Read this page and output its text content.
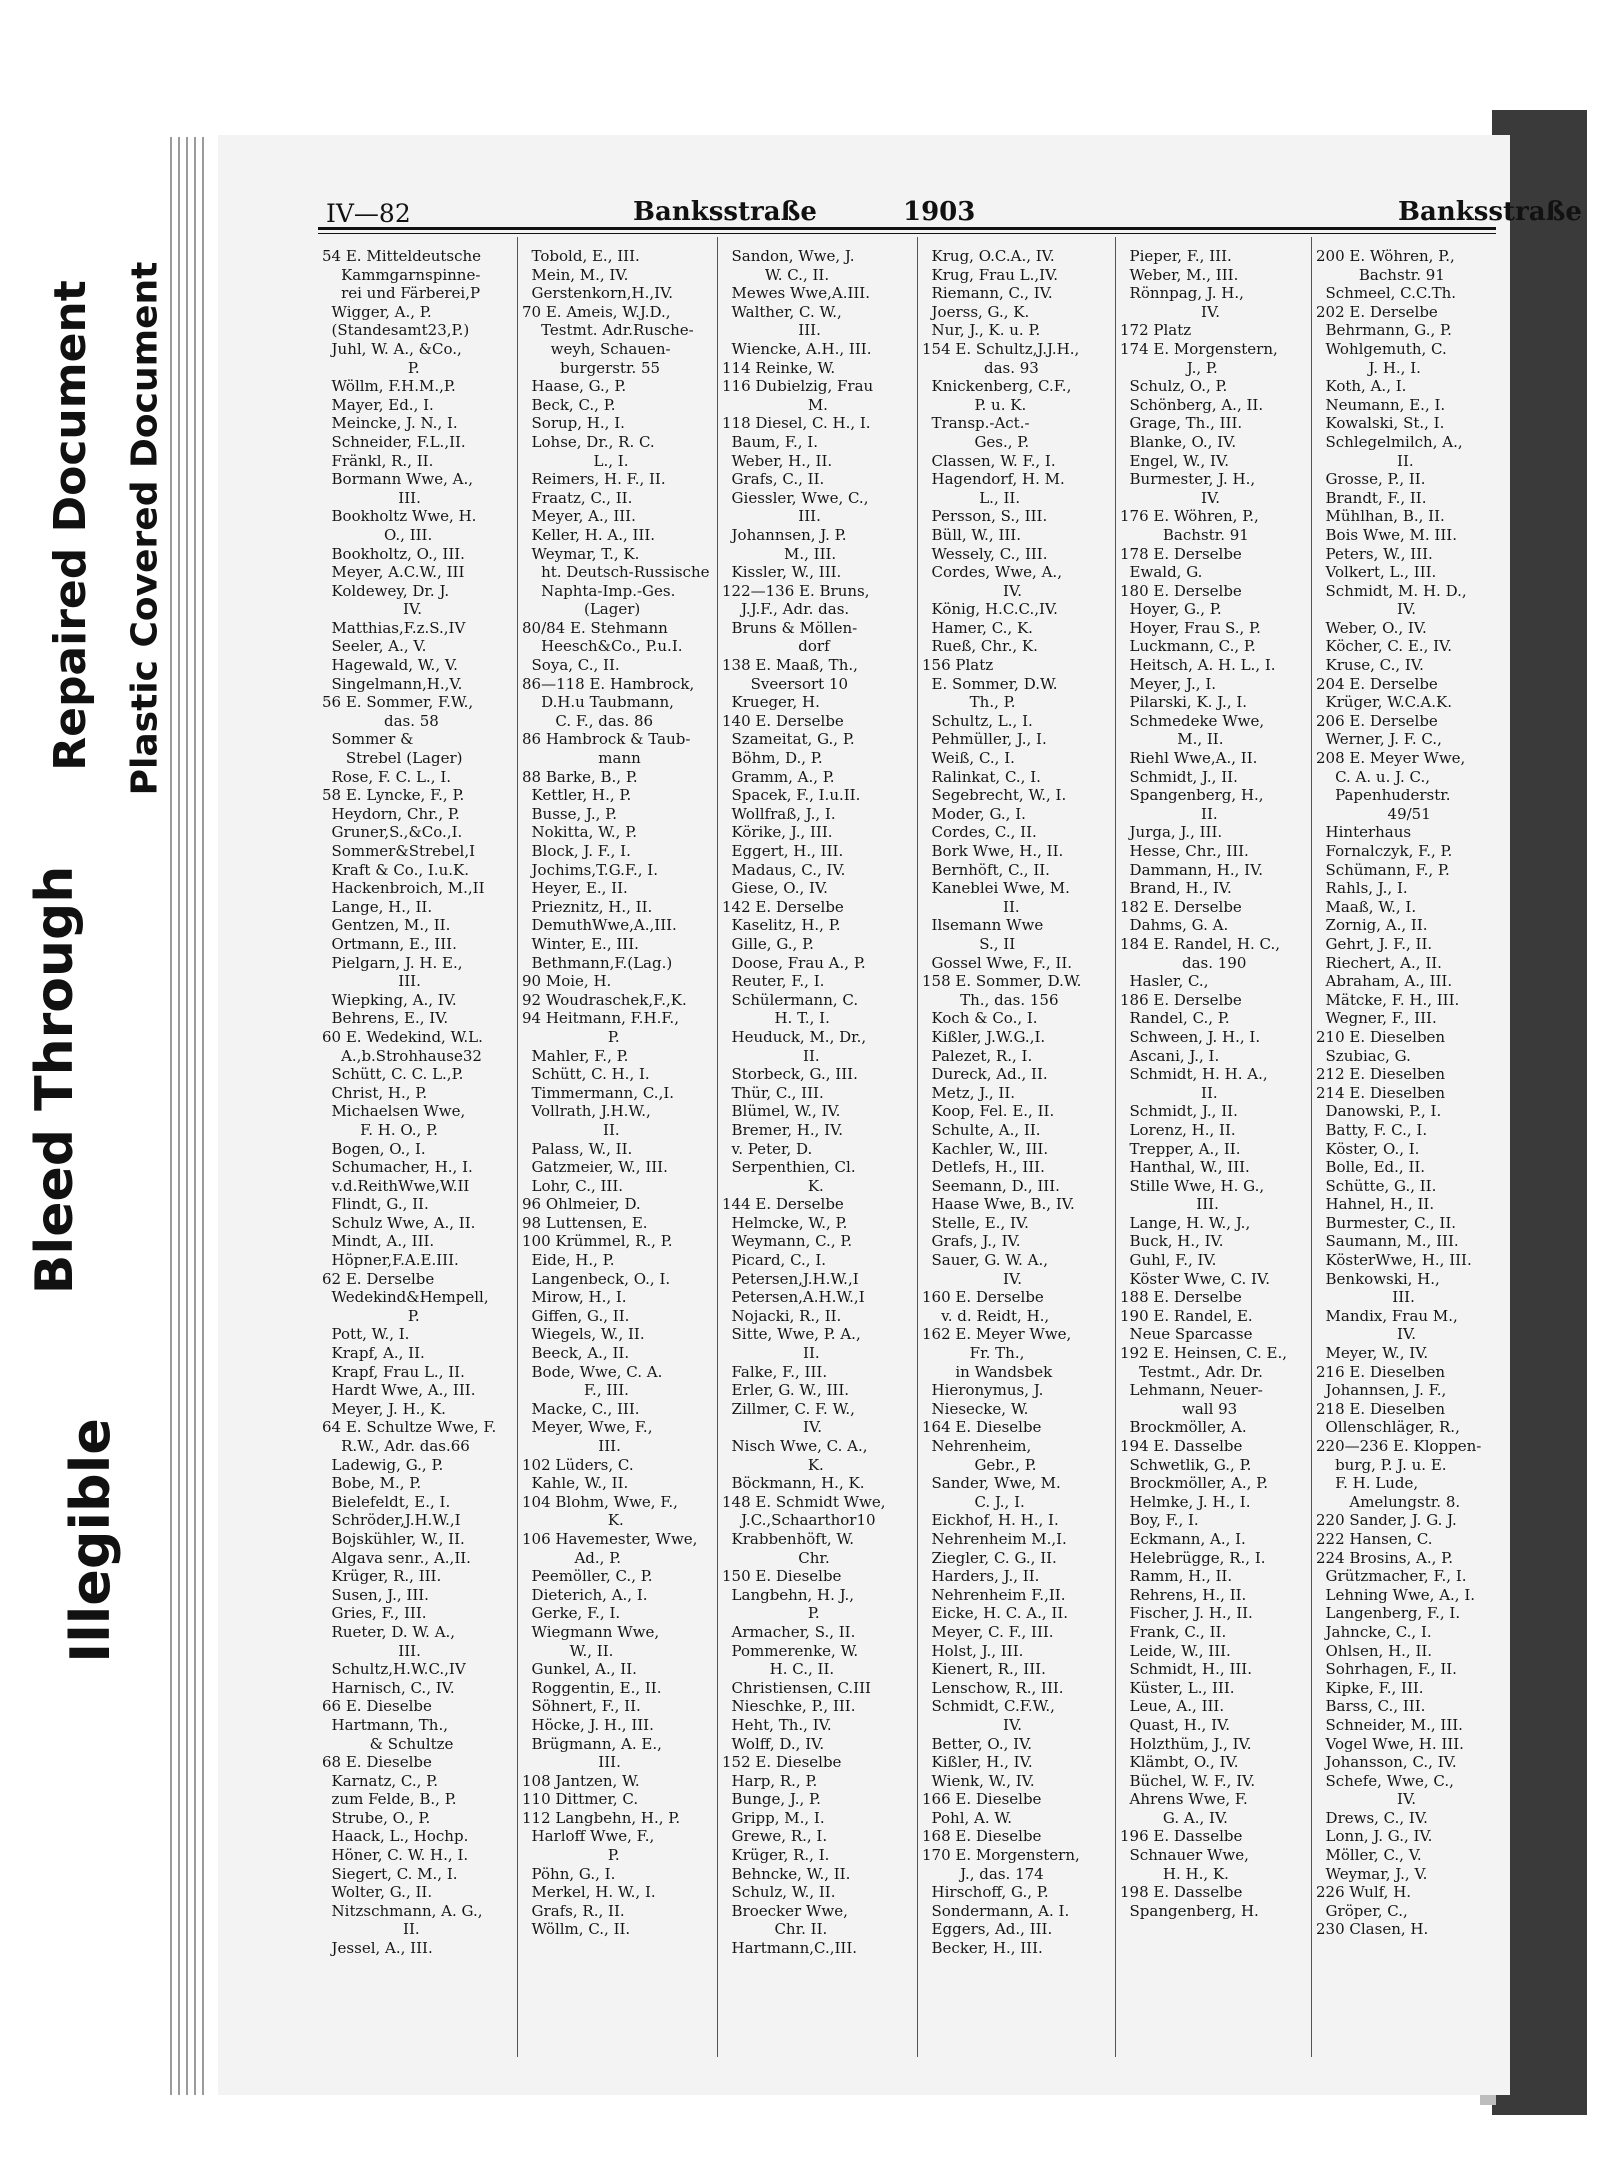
Bleed Through
Repaired Document Plastic Covered Document
Illegible
IV—82	Banksstraße	1903	Banksstraße
54 E. Mitteldeutsche
Kammgarnspinne-
rei und Färberei,P
Wigger, A., P.
(Standesamt23,P.)
Juhl, W. A., &Co.,
P.
Wöllm, F.H.M.,P.
Mayer, Ed., I.
Meincke, J. N., I.
Schneider, F.L.,II.
Fränkl, R., II.
Bormann Wwe, A.,
III.
Bookholtz Wwe, H.
O., III.
Bookholtz, O., III.
Meyer, A.C.W., III
Koldewey, Dr. J.
IV.
Matthias,F.z.S.,IV
Seeler, A., V.
Hagewald, W., V.
Singelmann,H.,V.
56 E. Sommer, F.W.,
das. 58
Sommer &
Strebel (Lager)
Rose, F. C. L., I.
58 E. Lyncke, F., P.
Heydorn, Chr., P.
Gruner,S.,&Co.,I.
Sommer&Strebel,I
Kraft & Co., I.u.K.
Hackenbroich, M.,II
Lange, H., II.
Gentzen, M., II.
Ortmann, E., III.
Pielgarn, J. H. E.,
III.
Wiepking, A., IV.
Behrens, E., IV.
60 E. Wedekind, W.L.
A.,b.Strohhause32
Schütt, C. C. L.,P.
Christ, H., P.
Michaelsen Wwe,
F. H. O., P.
Bogen, O., I.
Schumacher, H., I.
v.d.ReithWwe,W.II
Flindt, G., II.
Schulz Wwe, A., II.
Mindt, A., III.
Höpner,F.A.E.III.
62 E. Derselbe
Wedekind&Hempell,
P.
Pott, W., I.
Krapf, A., II.
Krapf, Frau L., II.
Hardt Wwe, A., III.
Meyer, J. H., K.
64 E. Schultze Wwe, F.
R.W., Adr. das.66
Ladewig, G., P.
Bobe, M., P.
Bielefeldt, E., I.
Schröder,J.H.W.,I
Bojskühler, W., II.
Algava senr., A.,II.
Krüger, R., III.
Susen, J., III.
Gries, F., III.
Rueter, D. W. A.,
III.
Schultz,H.W.C.,IV
Harnisch, C., IV.
66 E. Dieselbe
Hartmann, Th.,
& Schultze
68 E. Dieselbe
Karnatz, C., P.
zum Felde, B., P.
Strube, O., P.
Haack, L., Hochp.
Höner, C. W. H., I.
Siegert, C. M., I.
Wolter, G., II.
Nitzschmann, A. G.,
II.
Jessel, A., III.
Tobold, E., III.
Mein, M., IV.
Gerstenkorn,H.,IV.
70 E. Ameis, W.J.D.,
Testmt. Adr.Rusche-
weyh, Schauen-
burgerstr. 55
Haase, G., P.
Beck, C., P.
Sorup, H., I.
Lohse, Dr., R. C.
L., I.
Reimers, H. F., II.
Fraatz, C., II.
Meyer, A., III.
Keller, H. A., III.
Weymar, T., K.
ht. Deutsch-Russische
Naphta-Imp.-Ges.
(Lager)
80/84 E. Stehmann
Heesch&Co., P.u.I.
Soya, C., II.
86—118 E. Hambrock,
D.H.u Taubmann,
C. F., das. 86
86 Hambrock & Taub-
mann
88 Barke, B., P.
Kettler, H., P.
Busse, J., P.
Nokitta, W., P.
Block, J. F., I.
Jochims,T.G.F., I.
Heyer, E., II.
Prieznitz, H., II.
DemuthWwe,A.,III.
Winter, E., III.
Bethmann,F.(Lag.)
90 Moie, H.
92 Woudraschek,F.,K.
94 Heitmann, F.H.F.,
P.
Mahler, F., P.
Schütt, C. H., I.
Timmermann, C.,I.
Vollrath, J.H.W.,
II.
Palass, W., II.
Gatzmeier, W., III.
Lohr, C., III.
96 Ohlmeier, D.
98 Luttensen, E.
100 Krümmel, R., P.
Eide, H., P.
Langenbeck, O., I.
Mirow, H., I.
Giffen, G., II.
Wiegels, W., II.
Beeck, A., II.
Bode, Wwe, C. A.
F., III.
Macke, C., III.
Meyer, Wwe, F.,
III.
102 Lüders, C.
Kahle, W., II.
104 Blohm, Wwe, F.,
K.
106 Havemester, Wwe,
Ad., P.
Peemöller, C., P.
Dieterich, A., I.
Gerke, F., I.
Wiegmann Wwe,
W., II.
Gunkel, A., II.
Roggentin, E., II.
Söhnert, F., II.
Höcke, J. H., III.
Brügmann, A. E.,
III.
108 Jantzen, W.
110 Dittmer, C.
112 Langbehn, H., P.
Harloff Wwe, F.,
P.
Pöhn, G., I.
Merkel, H. W., I.
Grafs, R., II.
Wöllm, C., II.
Sandon, Wwe, J.
W. C., II.
Mewes Wwe,A.III.
Walther, C. W.,
III.
Wiencke, A.H., III.
114 Reinke, W.
116 Dubielzig, Frau
M.
118 Diesel, C. H., I.
Baum, F., I.
Weber, H., II.
Grafs, C., II.
Giessler, Wwe, C.,
III.
Johannsen, J. P.
M., III.
Kissler, W., III.
122—136 E. Bruns,
J.J.F., Adr. das.
Bruns & Möllen-
dorf
138 E. Maaß, Th.,
Sveersort 10
Krueger, H.
140 E. Derselbe
Szameitat, G., P.
Böhm, D., P.
Gramm, A., P.
Spacek, F., I.u.II.
Wollfraß, J., I.
Körike, J., III.
Eggert, H., III.
Madaus, C., IV.
Giese, O., IV.
142 E. Derselbe
Kaselitz, H., P.
Gille, G., P.
Doose, Frau A., P.
Reuter, F., I.
Schülermann, C.
H. T., I.
Heuduck, M., Dr.,
II.
Storbeck, G., III.
Thür, C., III.
Blümel, W., IV.
Bremer, H., IV.
v. Peter, D.
Serpenthien, Cl.
K.
144 E. Derselbe
Helmcke, W., P.
Weymann, C., P.
Picard, C., I.
Petersen,J.H.W.,I
Petersen,A.H.W.,I
Nojacki, R., II.
Sitte, Wwe, P. A.,
II.
Falke, F., III.
Erler, G. W., III.
Zillmer, C. F. W.,
IV.
Nisch Wwe, C. A.,
K.
Böckmann, H., K.
148 E. Schmidt Wwe,
J.C.,Schaarthor10
Krabbenhöft, W.
Chr.
150 E. Dieselbe
Langbehn, H. J.,
P.
Armacher, S., II.
Pommerenke, W.
H. C., II.
Christiensen, C.III
Nieschke, P., III.
Heht, Th., IV.
Wolff, D., IV.
152 E. Dieselbe
Harp, R., P.
Bunge, J., P.
Gripp, M., I.
Grewe, R., I.
Krüger, R., I.
Behncke, W., II.
Schulz, W., II.
Broecker Wwe,
Chr. II.
Hartmann,C.,III.
Krug, O.C.A., IV.
Krug, Frau L.,IV.
Riemann, C., IV.
Joerss, G., K.
Nur, J., K. u. P.
154 E. Schultz,J.J.H.,
das. 93
Knickenberg, C.F.,
P. u. K.
Transp.-Act.-
Ges., P.
Classen, W. F., I.
Hagendorf, H. M.
L., II.
Persson, S., III.
Büll, W., III.
Wessely, C., III.
Cordes, Wwe, A.,
IV.
König, H.C.C.,IV.
Hamer, C., K.
Rueß, Chr., K.
156 Platz
E. Sommer, D.W.
Th., P.
Schultz, L., I.
Pehmüller, J., I.
Weiß, C., I.
Ralinkat, C., I.
Segebrecht, W., I.
Moder, G., I.
Cordes, C., II.
Bork Wwe, H., II.
Bernhöft, C., II.
Kaneblei Wwe, M.
II.
Ilsemann Wwe
S., II
Gossel Wwe, F., II.
158 E. Sommer, D.W.
Th., das. 156
Koch & Co., I.
Kißler, J.W.G.,I.
Palezet, R., I.
Dureck, Ad., II.
Metz, J., II.
Koop, Fel. E., II.
Schulte, A., II.
Kachler, W., III.
Detlefs, H., III.
Seemann, D., III.
Haase Wwe, B., IV.
Stelle, E., IV.
Grafs, J., IV.
Sauer, G. W. A.,
IV.
160 E. Derselbe
v. d. Reidt, H.,
162 E. Meyer Wwe,
Fr. Th.,
in Wandsbek
Hieronymus, J.
Niesecke, W.
164 E. Dieselbe
Nehrenheim,
Gebr., P.
Sander, Wwe, M.
C. J., I.
Eickhof, H. H., I.
Nehrenheim M.,I.
Ziegler, C. G., II.
Harders, J., II.
Nehrenheim F.,II.
Eicke, H. C. A., II.
Meyer, C. F., III.
Holst, J., III.
Kienert, R., III.
Lenschow, R., III.
Schmidt, C.F.W.,
IV.
Better, O., IV.
Kißler, H., IV.
Wienk, W., IV.
166 E. Dieselbe
Pohl, A. W.
168 E. Dieselbe
170 E. Morgenstern,
J., das. 174
Hirschoff, G., P.
Sondermann, A. I.
Eggers, Ad., III.
Becker, H., III.
Pieper, F., III.
Weber, M., III.
Rönnpag, J. H.,
IV.
172 Platz
174 E. Morgenstern,
J., P.
Schulz, O., P.
Schönberg, A., II.
Grage, Th., III.
Blanke, O., IV.
Engel, W., IV.
Burmester, J. H.,
IV.
176 E. Wöhren, P.,
Bachstr. 91
178 E. Derselbe
Ewald, G.
180 E. Derselbe
Hoyer, G., P.
Hoyer, Frau S., P.
Luckmann, C., P.
Heitsch, A. H. L., I.
Meyer, J., I.
Pilarski, K. J., I.
Schmedeke Wwe,
M., II.
Riehl Wwe,A., II.
Schmidt, J., II.
Spangenberg, H.,
II.
Jurga, J., III.
Hesse, Chr., III.
Dammann, H., IV.
Brand, H., IV.
182 E. Derselbe
Dahms, G. A.
184 E. Randel, H. C.,
das. 190
Hasler, C.,
186 E. Derselbe
Randel, C., P.
Schween, J. H., I.
Ascani, J., I.
Schmidt, H. H. A.,
II.
Schmidt, J., II.
Lorenz, H., II.
Trepper, A., II.
Hanthal, W., III.
Stille Wwe, H. G.,
III.
Lange, H. W., J.,
Buck, H., IV.
Guhl, F., IV.
Köster Wwe, C. IV.
188 E. Derselbe
190 E. Randel, E.
Neue Sparcasse
192 E. Heinsen, C. E.,
Testmt., Adr. Dr.
Lehmann, Neuer-
wall 93
Brockmöller, A.
194 E. Dasselbe
Schwetlik, G., P.
Brockmöller, A., P.
Helmke, J. H., I.
Boy, F., I.
Eckmann, A., I.
Helebrügge, R., I.
Ramm, H., II.
Rehrens, H., II.
Fischer, J. H., II.
Frank, C., II.
Leide, W., III.
Schmidt, H., III.
Küster, L., III.
Leue, A., III.
Quast, H., IV.
Holzthüm, J., IV.
Klämbt, O., IV.
Büchel, W. F., IV.
Ahrens Wwe, F.
G. A., IV.
196 E. Dasselbe
Schnauer Wwe,
H. H., K.
198 E. Dasselbe
Spangenberg, H.
200 E. Wöhren, P.,
Bachstr. 91
Schmeel, C.C.Th.
202 E. Derselbe
Behrmann, G., P.
Wohlgemuth, C.
J. H., I.
Koth, A., I.
Neumann, E., I.
Kowalski, St., I.
Schlegelmilch, A.,
II.
Grosse, P., II.
Brandt, F., II.
Mühlhan, B., II.
Bois Wwe, M. III.
Peters, W., III.
Volkert, L., III.
Schmidt, M. H. D.,
IV.
Weber, O., IV.
Köcher, C. E., IV.
Kruse, C., IV.
204 E. Derselbe
Krüger, W.C.A.K.
206 E. Derselbe
Werner, J. F. C.,
208 E. Meyer Wwe,
C. A. u. J. C.,
Papenhuderstr.
49/51
Hinterhaus
Fornalczyk, F., P.
Schümann, F., P.
Rahls, J., I.
Maaß, W., I.
Zornig, A., II.
Gehrt, J. F., II.
Riechert, A., II.
Abraham, A., III.
Mätcke, F. H., III.
Wegner, F., III.
210 E. Dieselben
Szubiac, G.
212 E. Dieselben
214 E. Dieselben
Danowski, P., I.
Batty, F. C., I.
Köster, O., I.
Bolle, Ed., II.
Schütte, G., II.
Hahnel, H., II.
Burmester, C., II.
Saumann, M., III.
KösterWwe, H., III.
Benkowski, H.,
III.
Mandix, Frau M.,
IV.
Meyer, W., IV.
216 E. Dieselben
Johannsen, J. F.,
218 E. Dieselben
Ollenschläger, R.,
220—236 E. Kloppen-
burg, P. J. u. E.
F. H. Lude,
Amelungstr. 8.
220 Sander, J. G. J.
222 Hansen, C.
224 Brosins, A., P.
Grützmacher, F., I.
Lehning Wwe, A., I.
Langenberg, F., I.
Jahncke, C., I.
Ohlsen, H., II.
Sohrhagen, F., II.
Kipke, F., III.
Barss, C., III.
Schneider, M., III.
Vogel Wwe, H. III.
Johansson, C., IV.
Schefe, Wwe, C.,
IV.
Drews, C., IV.
Lonn, J. G., IV.
Möller, C., V.
Weymar, J., V.
226 Wulf, H.
Gröper, C.,
230 Clasen, H.
